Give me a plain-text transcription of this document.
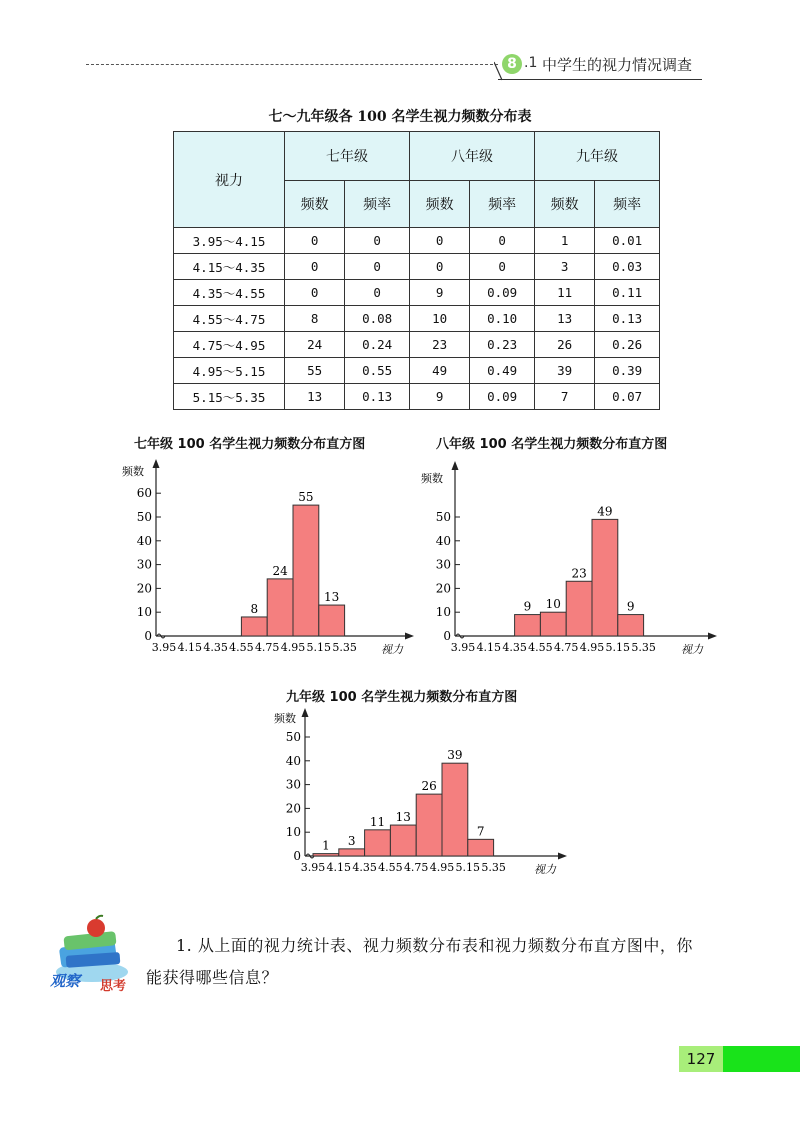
8 .1 中学生的视力情况调查
七～九年级各 100 名学生视力频数分布表
视力	七年级		八年级		九年级	
	频数	频率	频数	频率	频数	频率
3.95～4.15	0	0	0	0	1	0.01
4.15～4.35	0	0	0	0	3	0.03
4.35～4.55	0	0	9	0.09	11	0.11
4.55～4.75	8	0.08	10	0.10	13	0.13
4.75～4.95	24	0.24	23	0.23	26	0.26
4.95～5.15	55	0.55	49	0.49	39	0.39
5.15～5.35	13	0.13	9	0.09	7	0.07
七年级 100 名学生视力频数分布直方图
0
10
20
30
40
50
60
频数
视力
3.95 4.15 4.35 4.55 4.75 4.95 5.15 5.35
8
24
55
13
八年级 100 名学生视力频数分布直方图
0
10
20
30
40
50
频数
视力
3.95 4.15 4.35 4.55 4.75 4.95 5.15 5.35
9 10
23
49
9
九年级 100 名学生视力频数分布直方图
0
10
20
30
40
50
频数
视力
3.95 4.15 4.35 4.55 4.75 4.95 5.15 5.35
1 3
11 13
26
39
7
观察 思考
1. 从上面的视力统计表、视力频数分布表和视力频数分布直方图中，你能获得哪些信息？
127
